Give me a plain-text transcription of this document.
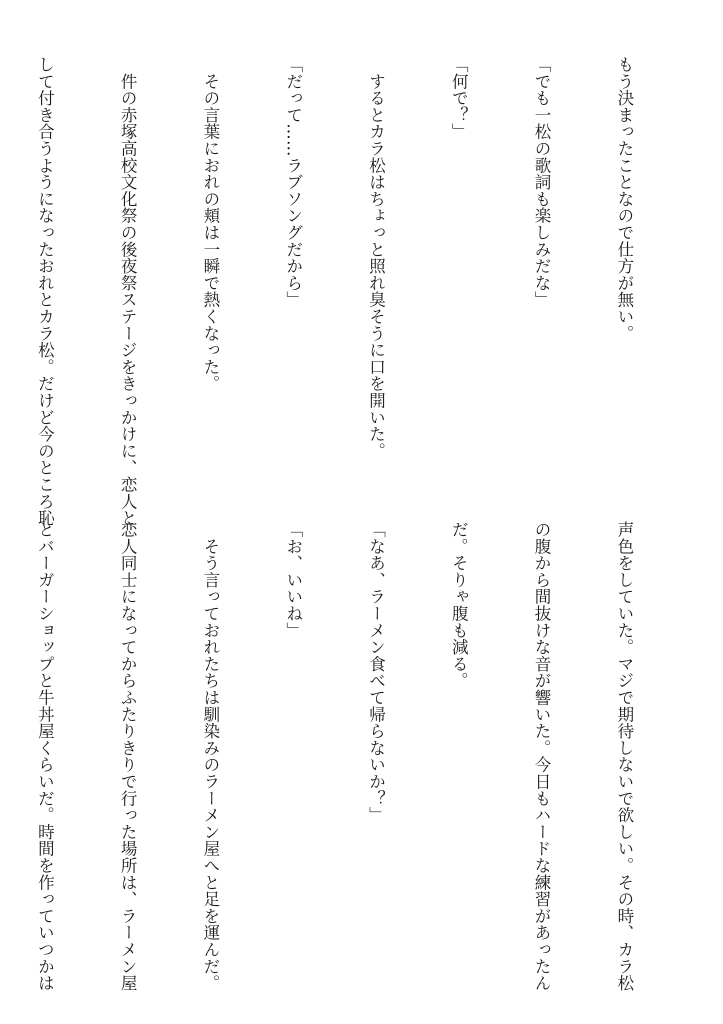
もう決まったことなので仕方が無い。

「でも一松の歌詞も楽しみだな」

「何で？」

　するとカラ松はちょっと照れ臭そうに口を開いた。

「だって……ラブソングだから」

　その言葉におれの頬は一瞬で熱くなった。

　件の赤塚高校文化祭の後夜祭ステージをきっかけに、恋人と

して付き合うようになったおれとカラ松。だけど今のところ恥

声色をしていた。マジで期待しないで欲しい。その時、カラ松

の腹から間抜けな音が響いた。今日もハードな練習があったん

だ。そりゃ腹も減る。

「なあ、ラーメン食べて帰らないか？」

「お、いいね」

　そう言っておれたちは馴染みのラーメン屋へと足を運んだ。

恋人同士になってからふたりきりで行った場所は、ラーメン屋

とバーガーショップと牛丼屋くらいだ。時間を作っていつかは
